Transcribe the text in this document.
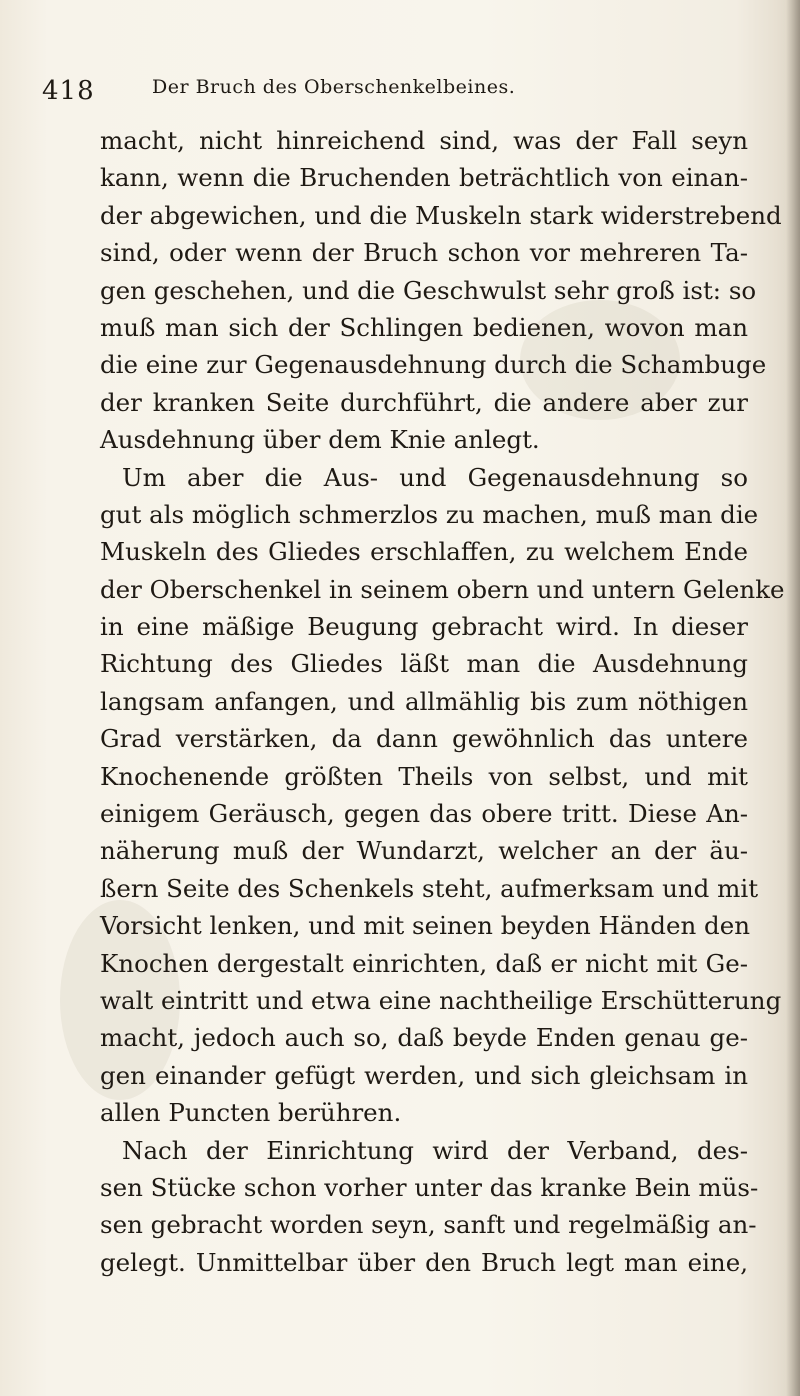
418	Der Bruch des Oberschenkelbeines.
macht, nicht hinreichend sind, was der Fall seyn
kann, wenn die Bruchenden beträchtlich von einan-
der abgewichen, und die Muskeln stark widerstrebend
sind, oder wenn der Bruch schon vor mehreren Ta-
gen geschehen, und die Geschwulst sehr groß ist: so
muß man sich der Schlingen bedienen, wovon man
die eine zur Gegenausdehnung durch die Schambuge
der kranken Seite durchführt, die andere aber zur
Ausdehnung über dem Knie anlegt.
Um aber die Aus- und Gegenausdehnung so
gut als möglich schmerzlos zu machen, muß man die
Muskeln des Gliedes erschlaffen, zu welchem Ende
der Oberschenkel in seinem obern und untern Gelenke
in eine mäßige Beugung gebracht wird. In dieser
Richtung des Gliedes läßt man die Ausdehnung
langsam anfangen, und allmählig bis zum nöthigen
Grad verstärken, da dann gewöhnlich das untere
Knochenende größten Theils von selbst, und mit
einigem Geräusch, gegen das obere tritt. Diese An-
näherung muß der Wundarzt, welcher an der äu-
ßern Seite des Schenkels steht, aufmerksam und mit
Vorsicht lenken, und mit seinen beyden Händen den
Knochen dergestalt einrichten, daß er nicht mit Ge-
walt eintritt und etwa eine nachtheilige Erschütterung
macht, jedoch auch so, daß beyde Enden genau ge-
gen einander gefügt werden, und sich gleichsam in
allen Puncten berühren.
Nach der Einrichtung wird der Verband, des-
sen Stücke schon vorher unter das kranke Bein müs-
sen gebracht worden seyn, sanft und regelmäßig an-
gelegt. Unmittelbar über den Bruch legt man eine,
